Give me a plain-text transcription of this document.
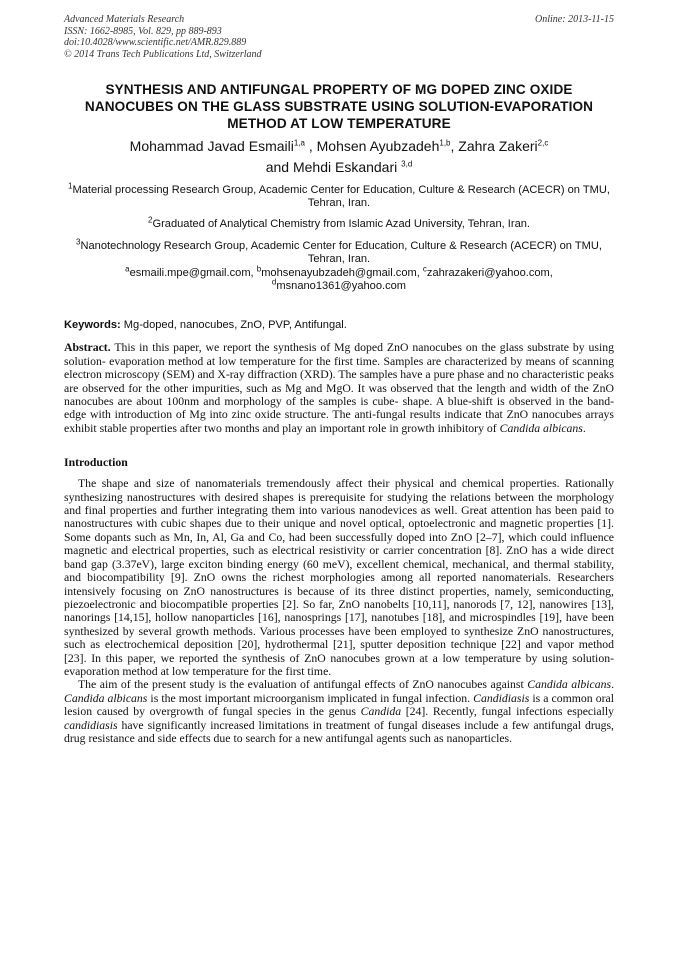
Advanced Materials Research
ISSN: 1662-8985, Vol. 829, pp 889-893
doi:10.4028/www.scientific.net/AMR.829.889
© 2014 Trans Tech Publications Ltd, Switzerland
Online: 2013-11-15
SYNTHESIS AND ANTIFUNGAL PROPERTY OF MG DOPED ZINC OXIDE NANOCUBES ON THE GLASS SUBSTRATE USING SOLUTION-EVAPORATION METHOD AT LOW TEMPERATURE
Mohammad Javad Esmaili$^{1,a}$ , Mohsen Ayubzadeh$^{1,b}$, Zahra Zakeri$^{2,c}$
and Mehdi Eskandari $^{3,d}$
$^1$Material processing Research Group, Academic Center for Education, Culture & Research (ACECR) on TMU, Tehran, Iran.
$^2$Graduated of Analytical Chemistry from Islamic Azad University, Tehran, Iran.
$^3$Nanotechnology Research Group, Academic Center for Education, Culture & Research (ACECR) on TMU, Tehran, Iran.
$^a$esmaili.mpe@gmail.com, $^b$mohsenayubzadeh@gmail.com, $^c$zahrazakeri@yahoo.com,
$^d$msnano1361@yahoo.com
Keywords: Mg-doped, nanocubes, ZnO, PVP, Antifungal.
Abstract. This in this paper, we report the synthesis of Mg doped ZnO nanocubes on the glass substrate by using solution- evaporation method at low temperature for the first time. Samples are characterized by means of scanning electron microscopy (SEM) and X-ray diffraction (XRD). The samples have a pure phase and no characteristic peaks are observed for the other impurities, such as Mg and MgO. It was observed that the length and width of the ZnO nanocubes are about 100nm and morphology of the samples is cube- shape. A blue-shift is observed in the band-edge with introduction of Mg into zinc oxide structure. The anti-fungal results indicate that ZnO nanocubes arrays exhibit stable properties after two months and play an important role in growth inhibitory of Candida albicans.
Introduction
The shape and size of nanomaterials tremendously affect their physical and chemical properties. Rationally synthesizing nanostructures with desired shapes is prerequisite for studying the relations between the morphology and final properties and further integrating them into various nanodevices as well. Great attention has been paid to nanostructures with cubic shapes due to their unique and novel optical, optoelectronic and magnetic properties [1]. Some dopants such as Mn, In, Al, Ga and Co, had been successfully doped into ZnO [2–7], which could influence magnetic and electrical properties, such as electrical resistivity or carrier concentration [8]. ZnO has a wide direct band gap (3.37eV), large exciton binding energy (60 meV), excellent chemical, mechanical, and thermal stability, and biocompatibility [9]. ZnO owns the richest morphologies among all reported nanomaterials. Researchers intensively focusing on ZnO nanostructures is because of its three distinct properties, namely, semiconducting, piezoelectronic and biocompatible properties [2]. So far, ZnO nanobelts [10,11], nanorods [7, 12], nanowires [13], nanorings [14,15], hollow nanoparticles [16], nanosprings [17], nanotubes [18], and microspindles [19], have been synthesized by several growth methods. Various processes have been employed to synthesize ZnO nanostructures, such as electrochemical deposition [20], hydrothermal [21], sputter deposition technique [22] and vapor method [23]. In this paper, we reported the synthesis of ZnO nanocubes grown at a low temperature by using solution- evaporation method at low temperature for the first time.
The aim of the present study is the evaluation of antifungal effects of ZnO nanocubes against Candida albicans. Candida albicans is the most important microorganism implicated in fungal infection. Candidiasis is a common oral lesion caused by overgrowth of fungal species in the genus Candida [24]. Recently, fungal infections especially candidiasis have significantly increased limitations in treatment of fungal diseases include a few antifungal drugs, drug resistance and side effects due to search for a new antifungal agents such as nanoparticles.
